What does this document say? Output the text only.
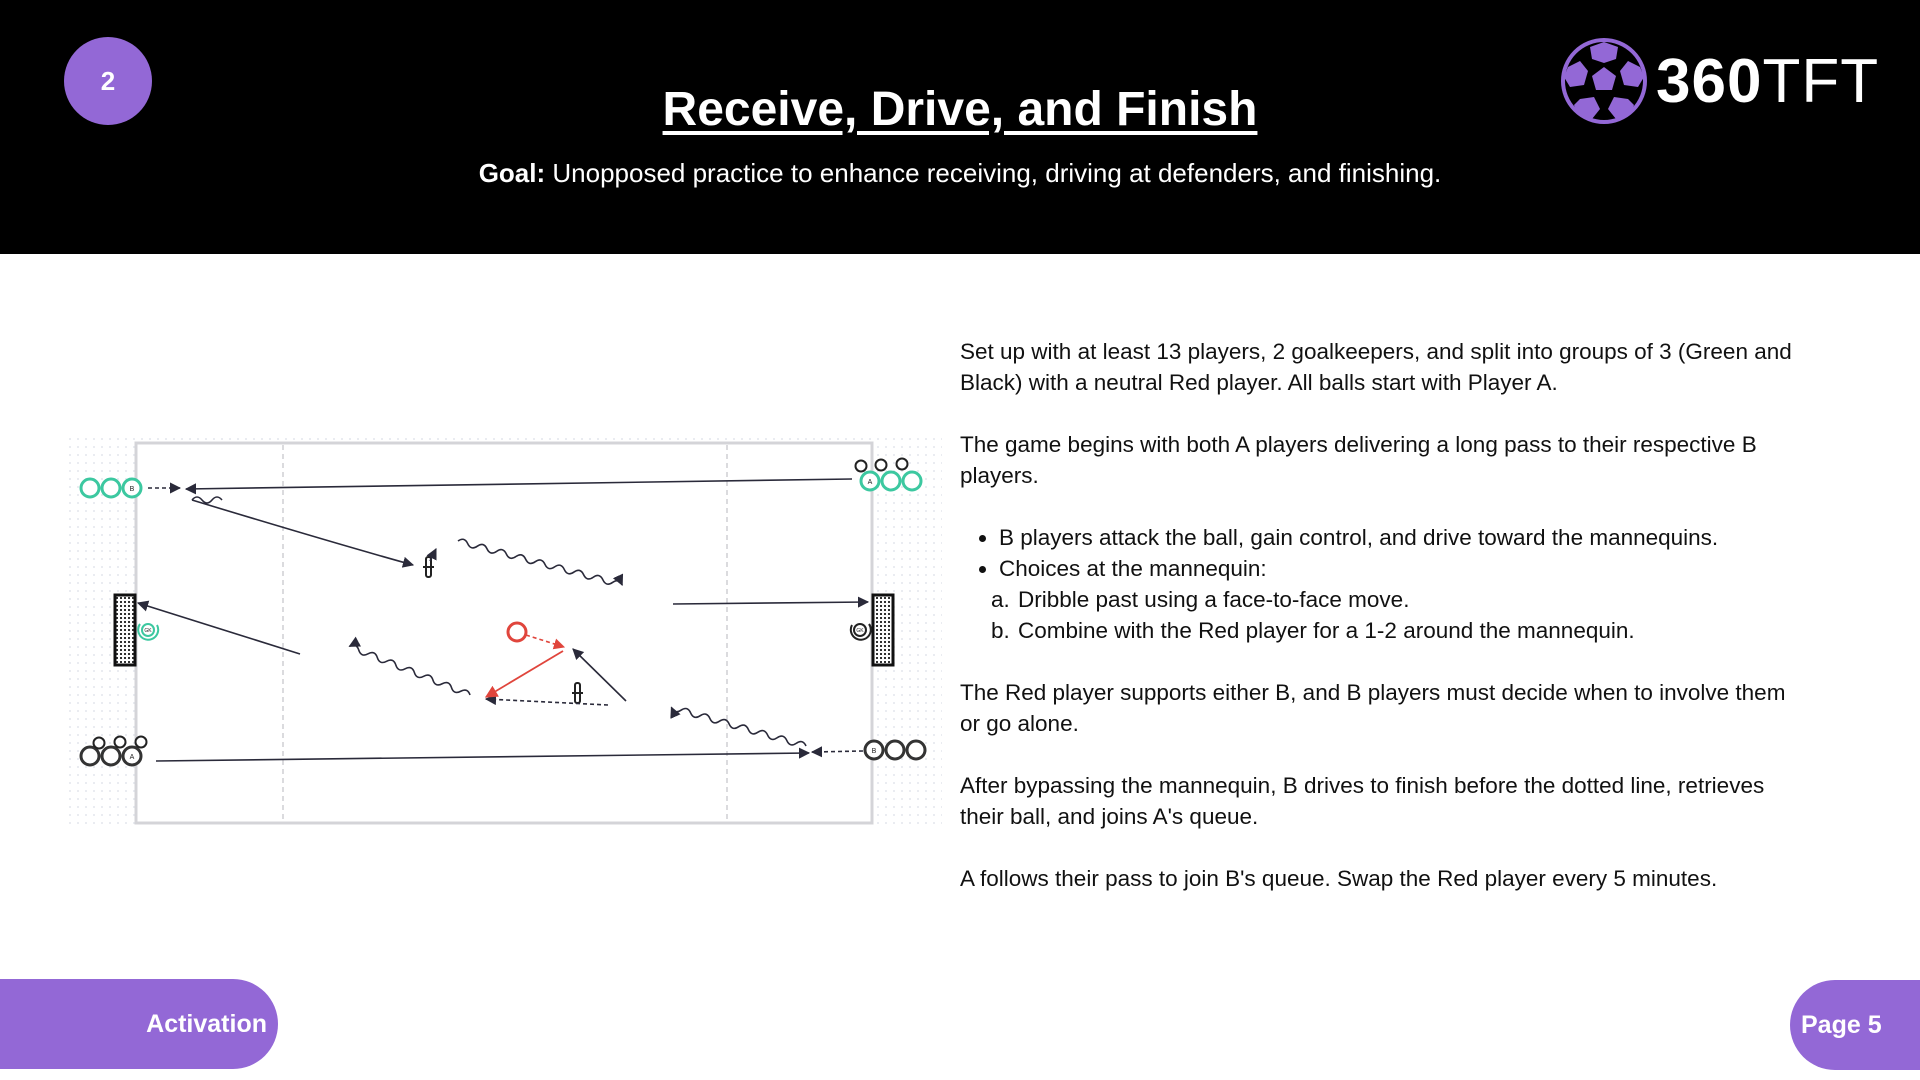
2
Receive, Drive, and Finish
Goal: Unopposed practice to enhance receiving, driving at defenders, and finishing.
360TFT
GK	GK
B
A
A
B

Set up with at least 13 players, 2 goalkeepers, and split into groups of 3 (Green and Black) with a neutral Red player. All balls start with Player A.

The game begins with both A players delivering a long pass to their respective B players.

• B players attack the ball, gain control, and drive toward the mannequins.
• Choices at the mannequin:
a. Dribble past using a face-to-face move.
b. Combine with the Red player for a 1-2 around the mannequin.

The Red player supports either B, and B players must decide when to involve them or go alone.

After bypassing the mannequin, B drives to finish before the dotted line, retrieves their ball, and joins A's queue.

A follows their pass to join B's queue. Swap the Red player every 5 minutes.

Activation	Page 5
